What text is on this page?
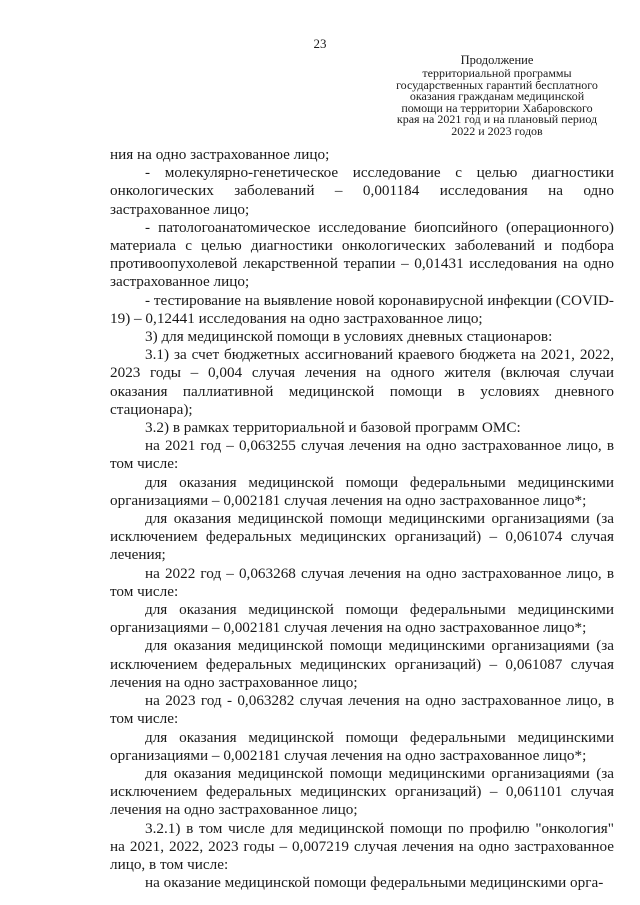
23
Продолжение
территориальной программы
государственных гарантий бесплатного
оказания гражданам медицинской
помощи на территории Хабаровского
края на 2021 год и на плановый период
2022 и 2023 годов

ния на одно застрахованное лицо;

- молекулярно-генетическое исследование с целью диагностики онкологических заболеваний – 0,001184 исследования на одно застрахованное лицо;

- патологоанатомическое исследование биопсийного (операционного) материала с целью диагностики онкологических заболеваний и подбора противоопухолевой лекарственной терапии – 0,01431 исследования на одно застрахованное лицо;

- тестирование на выявление новой коронавирусной инфекции (COVID-19) – 0,12441 исследования на одно застрахованное лицо;

3) для медицинской помощи в условиях дневных стационаров:

3.1) за счет бюджетных ассигнований краевого бюджета на 2021, 2022, 2023 годы – 0,004 случая лечения на одного жителя (включая случаи оказания паллиативной медицинской помощи в условиях дневного стационара);

3.2) в рамках территориальной и базовой программ ОМС:

на 2021 год – 0,063255 случая лечения на одно застрахованное лицо, в том числе:

для оказания медицинской помощи федеральными медицинскими организациями – 0,002181 случая лечения на одно застрахованное лицо*;

для оказания медицинской помощи медицинскими организациями (за исключением федеральных медицинских организаций) – 0,061074 случая лечения;

на 2022 год – 0,063268 случая лечения на одно застрахованное лицо, в том числе:

для оказания медицинской помощи федеральными медицинскими организациями – 0,002181 случая лечения на одно застрахованное лицо*;

для оказания медицинской помощи медицинскими организациями (за исключением федеральных медицинских организаций) – 0,061087 случая лечения на одно застрахованное лицо;

на 2023 год - 0,063282 случая лечения на одно застрахованное лицо, в том числе:

для оказания медицинской помощи федеральными медицинскими организациями – 0,002181 случая лечения на одно застрахованное лицо*;

для оказания медицинской помощи медицинскими организациями (за исключением федеральных медицинских организаций) – 0,061101 случая лечения на одно застрахованное лицо;

3.2.1) в том числе для медицинской помощи по профилю "онкология" на 2021, 2022, 2023 годы – 0,007219 случая лечения на одно застрахованное лицо, в том числе:

на оказание медицинской помощи федеральными медицинскими орга-
